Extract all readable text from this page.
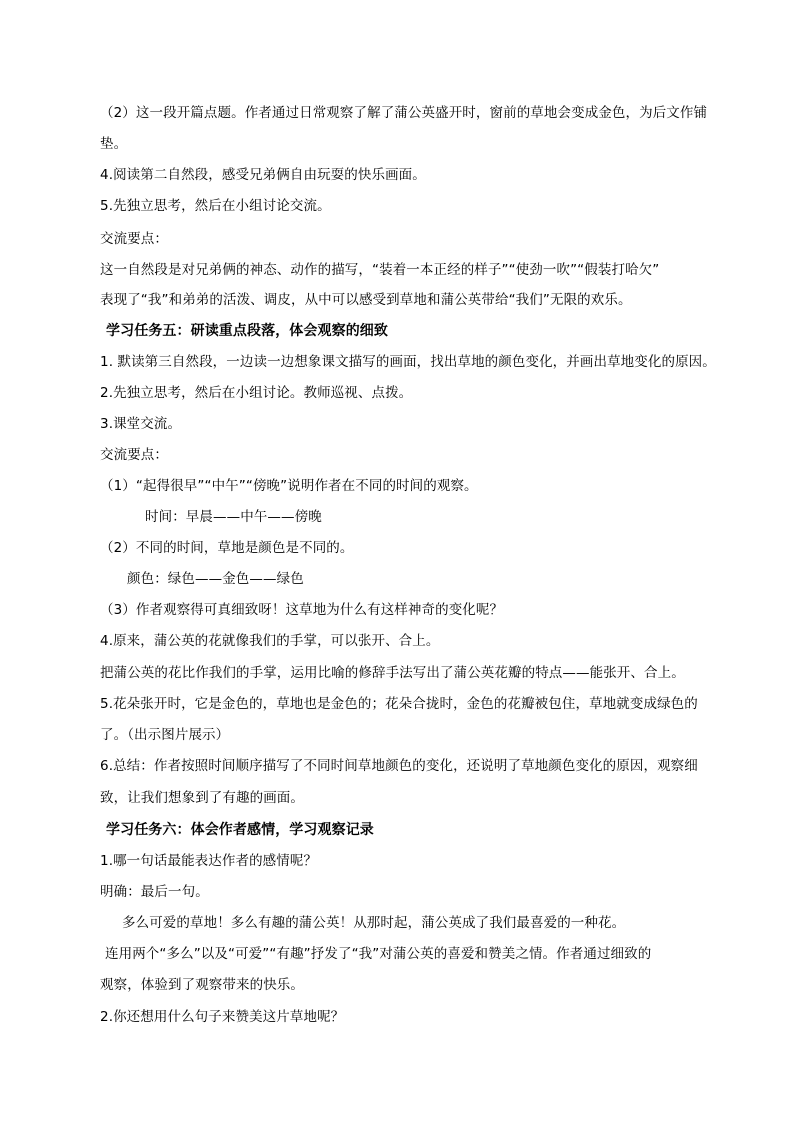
（2）这一段开篇点题。作者通过日常观察了解了蒲公英盛开时，窗前的草地会变成金色，为后文作铺
垫。
4.阅读第二自然段，感受兄弟俩自由玩耍的快乐画面。
5.先独立思考，然后在小组讨论交流。
交流要点：
这一自然段是对兄弟俩的神态、动作的描写，“装着一本正经的样子”“使劲一吹”“假装打哈欠”
表现了“我”和弟弟的活泼、调皮，从中可以感受到草地和蒲公英带给“我们”无限的欢乐。
学习任务五：研读重点段落，体会观察的细致
1. 默读第三自然段，一边读一边想象课文描写的画面，找出草地的颜色变化，并画出草地变化的原因。
2.先独立思考，然后在小组讨论。教师巡视、点拨。
3.课堂交流。
交流要点：
（1）“起得很早”“中午”“傍晚”说明作者在不同的时间的观察。
时间：早晨——中午——傍晚
（2）不同的时间，草地是颜色是不同的。
颜色：绿色——金色——绿色
（3）作者观察得可真细致呀！这草地为什么有这样神奇的变化呢？
4.原来，蒲公英的花就像我们的手掌，可以张开、合上。
把蒲公英的花比作我们的手掌，运用比喻的修辞手法写出了蒲公英花瓣的特点——能张开、合上。
5.花朵张开时，它是金色的，草地也是金色的；花朵合拢时，金色的花瓣被包住，草地就变成绿色的
了。（出示图片展示）
6.总结：作者按照时间顺序描写了不同时间草地颜色的变化，还说明了草地颜色变化的原因，观察细
致，让我们想象到了有趣的画面。
学习任务六：体会作者感情，学习观察记录
1.哪一句话最能表达作者的感情呢？
明确：最后一句。
多么可爱的草地！多么有趣的蒲公英！从那时起，蒲公英成了我们最喜爱的一种花。
连用两个“多么”以及“可爱”“有趣”抒发了“我”对蒲公英的喜爱和赞美之情。作者通过细致的
观察，体验到了观察带来的快乐。
2.你还想用什么句子来赞美这片草地呢？
